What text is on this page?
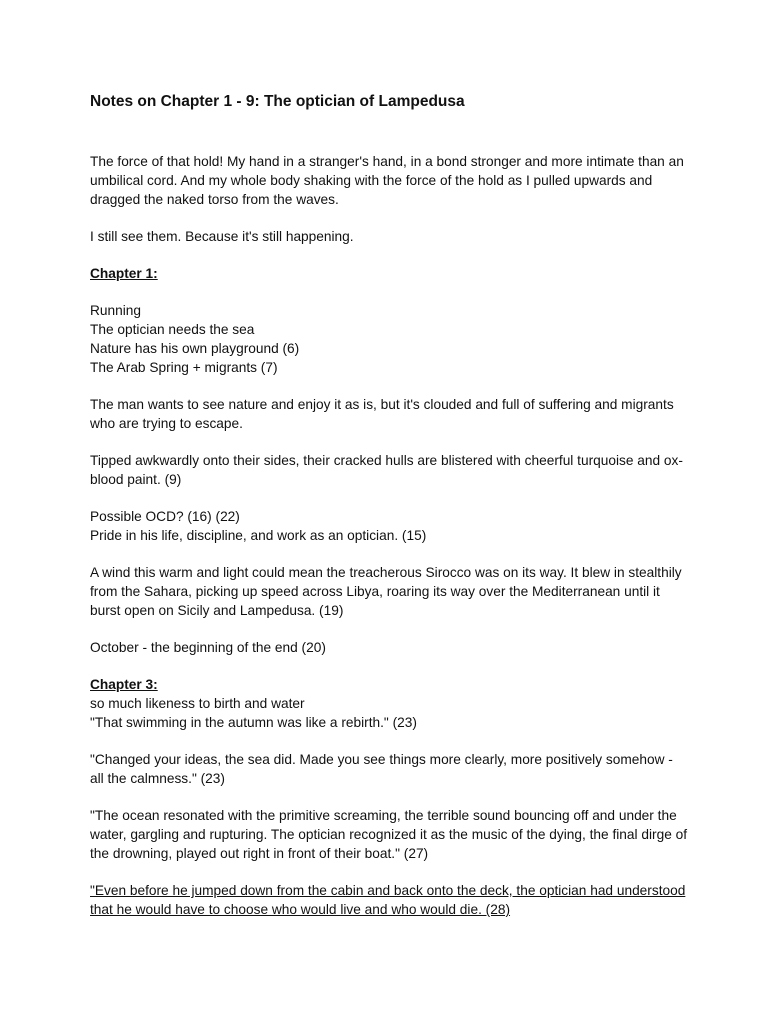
Notes on Chapter 1 - 9: The optician of Lampedusa

The force of that hold! My hand in a stranger's hand, in a bond stronger and more intimate than an umbilical cord. And my whole body shaking with the force of the hold as I pulled upwards and dragged the naked torso from the waves.

I still see them. Because it's still happening.

Chapter 1:

Running
The optician needs the sea
Nature has his own playground (6)
The Arab Spring + migrants (7)

The man wants to see nature and enjoy it as is, but it's clouded and full of suffering and migrants who are trying to escape.

Tipped awkwardly onto their sides, their cracked hulls are blistered with cheerful turquoise and ox-blood paint. (9)

Possible OCD? (16) (22)
Pride in his life, discipline, and work as an optician. (15)

A wind this warm and light could mean the treacherous Sirocco was on its way. It blew in stealthily from the Sahara, picking up speed across Libya, roaring its way over the Mediterranean until it burst open on Sicily and Lampedusa. (19)

October - the beginning of the end (20)

Chapter 3:
so much likeness to birth and water
"That swimming in the autumn was like a rebirth." (23)

"Changed your ideas, the sea did. Made you see things more clearly, more positively somehow - all the calmness." (23)

"The ocean resonated with the primitive screaming, the terrible sound bouncing off and under the water, gargling and rupturing. The optician recognized it as the music of the dying, the final dirge of the drowning, played out right in front of their boat." (27)

"Even before he jumped down from the cabin and back onto the deck, the optician had understood that he would have to choose who would live and who would die. (28)
